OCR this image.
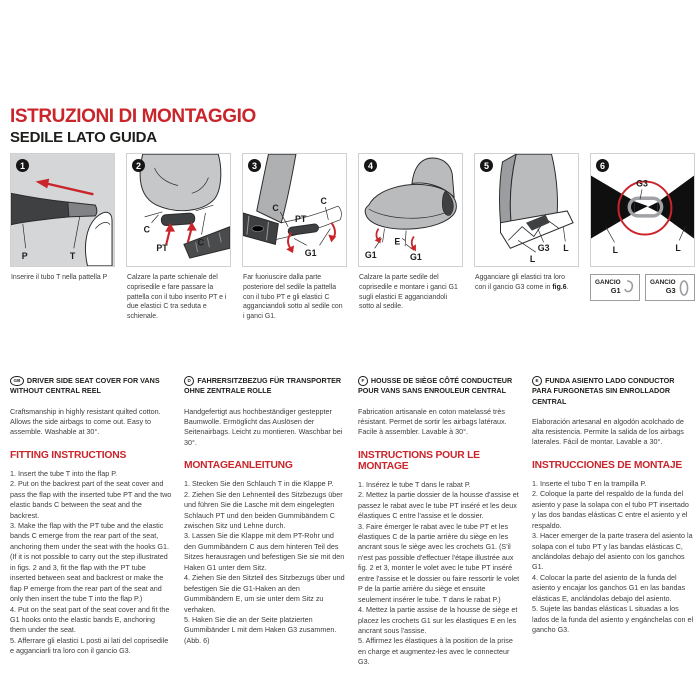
ISTRUZIONI DI MONTAGGIO
SEDILE LATO GUIDA
P	T
1

Inserire il tubo T nella pattella P

C
PT
C
2

Calzare la parte schienale del coprisedile e fare passare la pattella con il tubo inserito PT e i due elastici C tra seduta e schienale.

C
PT
C
G1
3

Far fuoriuscire dalla parte posteriore del sedile la pattella con il tubo PT e gli elastici C agganciandoli sotto al sedile con i ganci G1.

E
G1	G1
4

Calzare la parte sedile del coprisedile e montare i ganci G1 sugli elastici E agganciandoli sotto al sedile.

G3
L
L
5

Agganciare gli elastici tra loro con il gancio G3 come in fig.6.

G3
L	L
6
GANCIO
G1
GANCIO
G3
GB DRIVER SIDE SEAT COVER FOR VANS WITHOUT CENTRAL REEL

Craftsmanship in highly resistant quilted cotton. Allows the side airbags to come out. Easy to assemble. Washable at 30°.

FITTING INSTRUCTIONS
1. Insert the tube T into the flap P.
2. Put on the backrest part of the seat cover and pass the flap with the inserted tube PT and the two elastic bands C between the seat and the backrest.
3. Make the flap with the PT tube and the elastic bands C emerge from the rear part of the seat, anchoring them under the seat with the hooks G1. (If it is not possible to carry out the step illustrated in figs. 2 and 3, fit the flap with the PT tube inserted between seat and backrest or make the flap P emerge from the rear part of the seat and only then insert the tube T into the flap P.)
4. Put on the seat part of the seat cover and fit the G1 hooks onto the elastic bands E, anchoring them under the seat.
5. Afferrare gli elastici L posti ai lati del coprisedile e agganciarli tra loro con il gancio G3.
D FAHRERSITZBEZUG FÜR TRANSPORTER OHNE ZENTRALE ROLLE

Handgefertigt aus hochbeständiger gesteppter Baumwolle. Ermöglicht das Auslösen der Seitenairbags. Leicht zu montieren. Waschbar bei 30°.

MONTAGEANLEITUNG
1. Stecken Sie den Schlauch T in die Klappe P.
2. Ziehen Sie den Lehnenteil des Sitzbezugs über und führen Sie die Lasche mit dem eingelegten Schlauch PT und den beiden Gummibändern C zwischen Sitz und Lehne durch.
3. Lassen Sie die Klappe mit dem PT-Rohr und den Gummibändern C aus dem hinteren Teil des Sitzes herausragen und befestigen Sie sie mit den Haken G1 unter dem Sitz.
4. Ziehen Sie den Sitzteil des Sitzbezugs über und befestigen Sie die G1-Haken an den Gummibändern E, um sie unter dem Sitz zu verhaken.
5. Haken Sie die an der Seite platzierten Gummibänder L mit dem Haken G3 zusammen. (Abb. 6)
F HOUSSE DE SIÈGE CÔTÉ CONDUCTEUR POUR VANS SANS ENROULEUR CENTRAL

Fabrication artisanale en coton matelassé très résistant. Permet de sortir les airbags latéraux. Facile à assembler. Lavable à 30°.

INSTRUCTIONS POUR LE MONTAGE
1. Insérez le tube T dans le rabat P.
2. Mettez la partie dossier de la housse d'assise et passez le rabat avec le tube PT inséré et les deux élastiques C entre l'assise et le dossier.
3. Faire émerger le rabat avec le tube PT et les élastiques C de la partie arrière du siège en les ancrant sous le siège avec les crochets G1. (S'il n'est pas possible d'effectuer l'étape illustrée aux fig. 2 et 3, monter le volet avec le tube PT inséré entre l'assise et le dossier ou faire ressortir le volet P de la partie arrière du siège et ensuite seulement insérer le tube. T dans le rabat P.)
4. Mettez la partie assise de la housse de siège et placez les crochets G1 sur les élastiques E en les ancrant sous l'assise.
5. Affirmez les élastiques à la position de la prise en charge et augmentez-les avec le connecteur G3.
E FUNDA ASIENTO LADO CONDUCTOR PARA FURGONETAS SIN ENROLLADOR CENTRAL

Elaboración artesanal en algodón acolchado de alta resistencia. Permite la salida de los airbags laterales. Fácil de montar. Lavable a 30°.

INSTRUCCIONES DE MONTAJE
1. Inserte el tubo T en la trampilla P.
2. Coloque la parte del respaldo de la funda del asiento y pase la solapa con el tubo PT insertado y las dos bandas elásticas C entre el asiento y el respaldo.
3. Hacer emerger de la parte trasera del asiento la solapa con el tubo PT y las bandas elásticas C, anclándolas debajo del asiento con los ganchos G1.
4. Colocar la parte del asiento de la funda del asiento y encajar los ganchos G1 en las bandas elásticas E, anclándolas debajo del asiento.
5. Sujete las bandas elásticas L situadas a los lados de la funda del asiento y engánchelas con el gancho G3.
